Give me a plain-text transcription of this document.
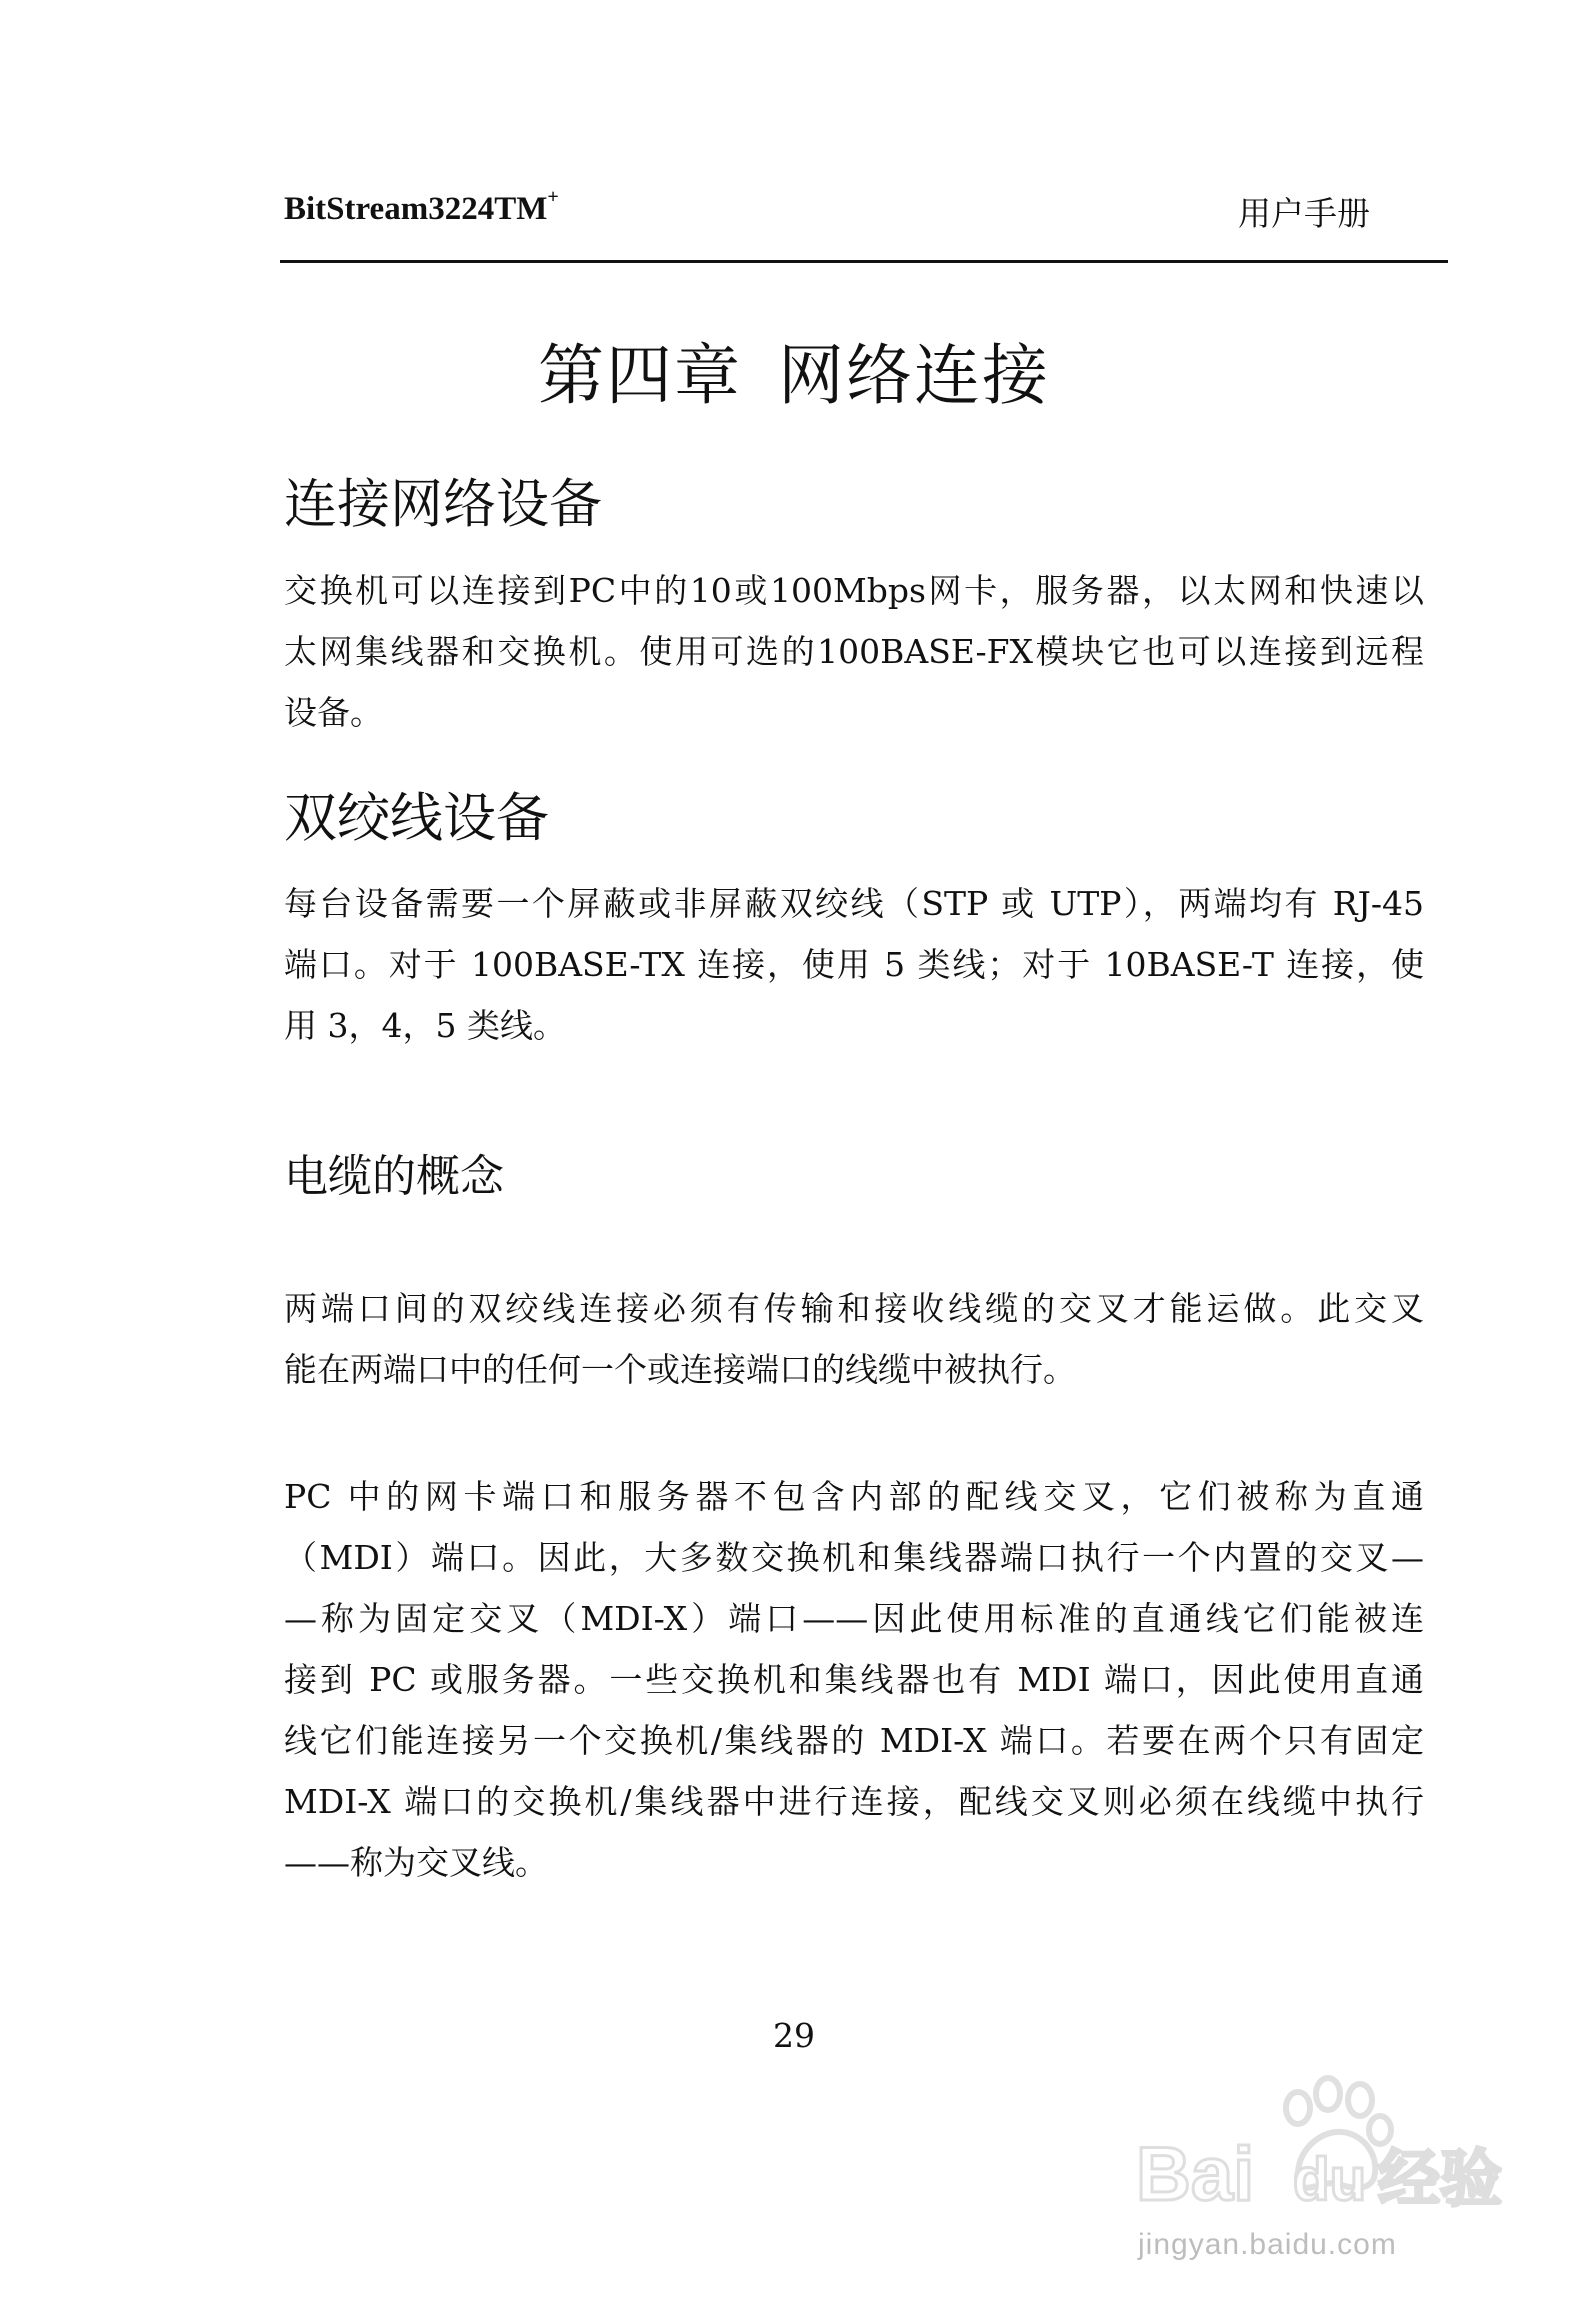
BitStream3224TM+	用户手册
第四章 网络连接
连接网络设备
交换机可以连接到PC中的10或100Mbps网卡，服务器，以太网和快速以
太网集线器和交换机。使用可选的100BASE-FX模块它也可以连接到远程
设备。
双绞线设备
每台设备需要一个屏蔽或非屏蔽双绞线（STP 或 UTP），两端均有 RJ-45
端口。对于 100BASE-TX 连接，使用 5 类线；对于 10BASE-T 连接，使
用 3，4，5 类线。
电缆的概念
两端口间的双绞线连接必须有传输和接收线缆的交叉才能运做。此交叉
能在两端口中的任何一个或连接端口的线缆中被执行。
PC 中的网卡端口和服务器不包含内部的配线交叉，它们被称为直通
（MDI）端口。因此，大多数交换机和集线器端口执行一个内置的交叉—
—称为固定交叉（MDI-X）端口——因此使用标准的直通线它们能被连
接到 PC 或服务器。一些交换机和集线器也有 MDI 端口，因此使用直通
线它们能连接另一个交换机/集线器的 MDI-X 端口。若要在两个只有固定
MDI-X 端口的交换机/集线器中进行连接，配线交叉则必须在线缆中执行
——称为交叉线。
29
Bai du 经验
jingyan.baidu.com
